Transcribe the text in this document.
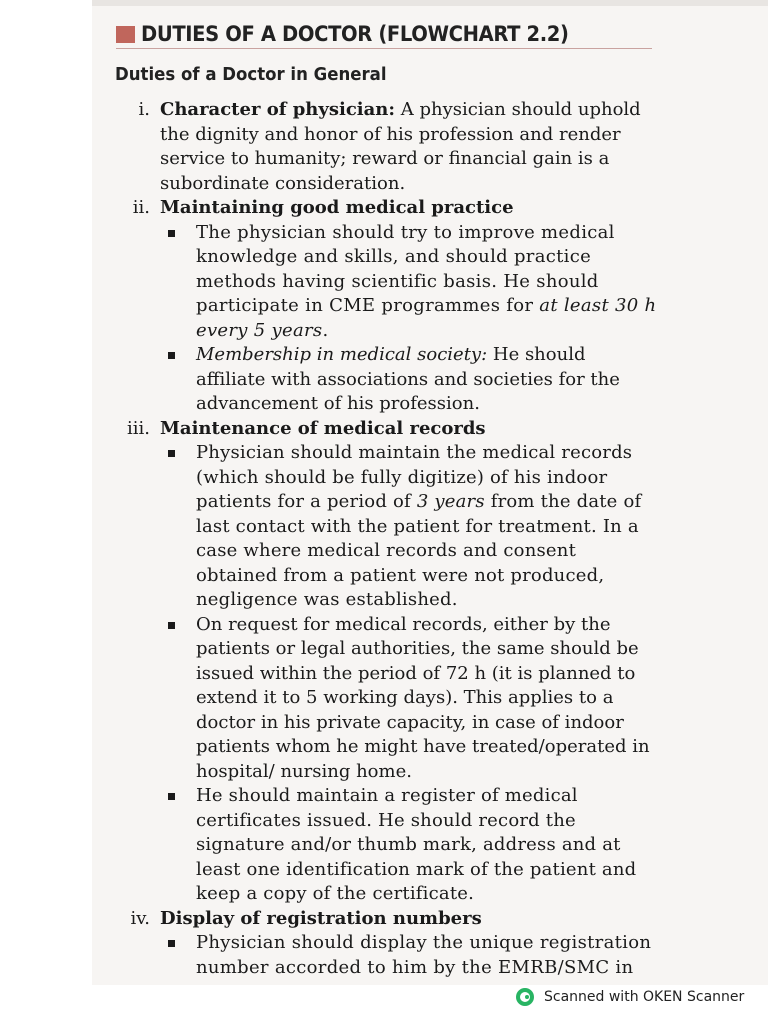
DUTIES OF A DOCTOR (FLOWCHART 2.2)
Duties of a Doctor in General
i. Character of physician: A physician should uphold the dignity and honor of his profession and render service to humanity; reward or financial gain is a subordinate consideration.
ii. Maintaining good medical practice
The physician should try to improve medical knowledge and skills, and should practice methods having scientific basis. He should participate in CME programmes for at least 30 h every 5 years.
Membership in medical society: He should affiliate with associations and societies for the advancement of his profession.
iii. Maintenance of medical records
Physician should maintain the medical records (which should be fully digitize) of his indoor patients for a period of 3 years from the date of last contact with the patient for treatment. In a case where medical records and consent obtained from a patient were not produced, negligence was established.
On request for medical records, either by the patients or legal authorities, the same should be issued within the period of 72 h (it is planned to extend it to 5 working days). This applies to a doctor in his private capacity, in case of indoor patients whom he might have treated/operated in hospital/ nursing home.
He should maintain a register of medical certificates issued. He should record the signature and/or thumb mark, address and at least one identification mark of the patient and keep a copy of the certificate.
iv. Display of registration numbers
Physician should display the unique registration number accorded to him by the EMRB/SMC in
Scanned with OKEN Scanner
